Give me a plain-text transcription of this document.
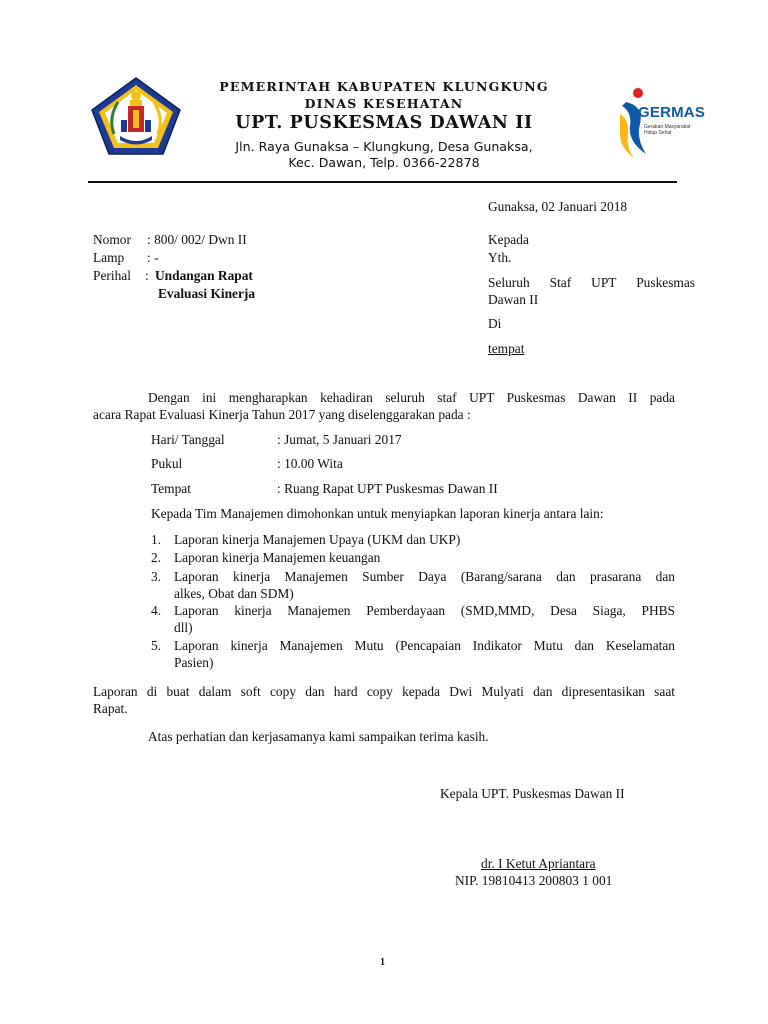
PEMERINTAH KABUPATEN KLUNGKUNG
DINAS KESEHATAN
UPT. PUSKESMAS DAWAN II
Jln. Raya Gunaksa – Klungkung, Desa Gunaksa,
Kec. Dawan, Telp. 0366-22878
GERMAS
Gerakan Masyarakat
Hidup Sehat
Gunaksa, 02 Januari 2018
Nomor : 800/ 002/ Dwn II
Lamp : -
Perihal : Undangan Rapat
Evaluasi Kinerja
Kepada
Yth.
Seluruh Staf UPT Puskesmas
Dawan II
Di
tempat
Dengan ini mengharapkan kehadiran seluruh staf UPT Puskesmas Dawan II pada
acara Rapat Evaluasi Kinerja Tahun 2017 yang diselenggarakan pada :
Hari/ Tanggal	: Jumat, 5 Januari 2017
Pukul	: 10.00 Wita
Tempat	: Ruang Rapat UPT Puskesmas Dawan II
Kepada Tim Manajemen dimohonkan untuk menyiapkan laporan kinerja antara lain:
1. Laporan kinerja Manajemen Upaya (UKM dan UKP)
2. Laporan kinerja Manajemen keuangan
3. Laporan kinerja Manajemen Sumber Daya (Barang/sarana dan prasarana dan
alkes, Obat dan SDM)
4. Laporan kinerja Manajemen Pemberdayaan (SMD,MMD, Desa Siaga, PHBS
dll)
5. Laporan kinerja Manajemen Mutu (Pencapaian Indikator Mutu dan Keselamatan
Pasien)
Laporan di buat dalam soft copy dan hard copy kepada Dwi Mulyati dan dipresentasikan saat
Rapat.
Atas perhatian dan kerjasamanya kami sampaikan terima kasih.
Kepala UPT. Puskesmas Dawan II
dr. I Ketut Apriantara
NIP. 19810413 200803 1 001
1
